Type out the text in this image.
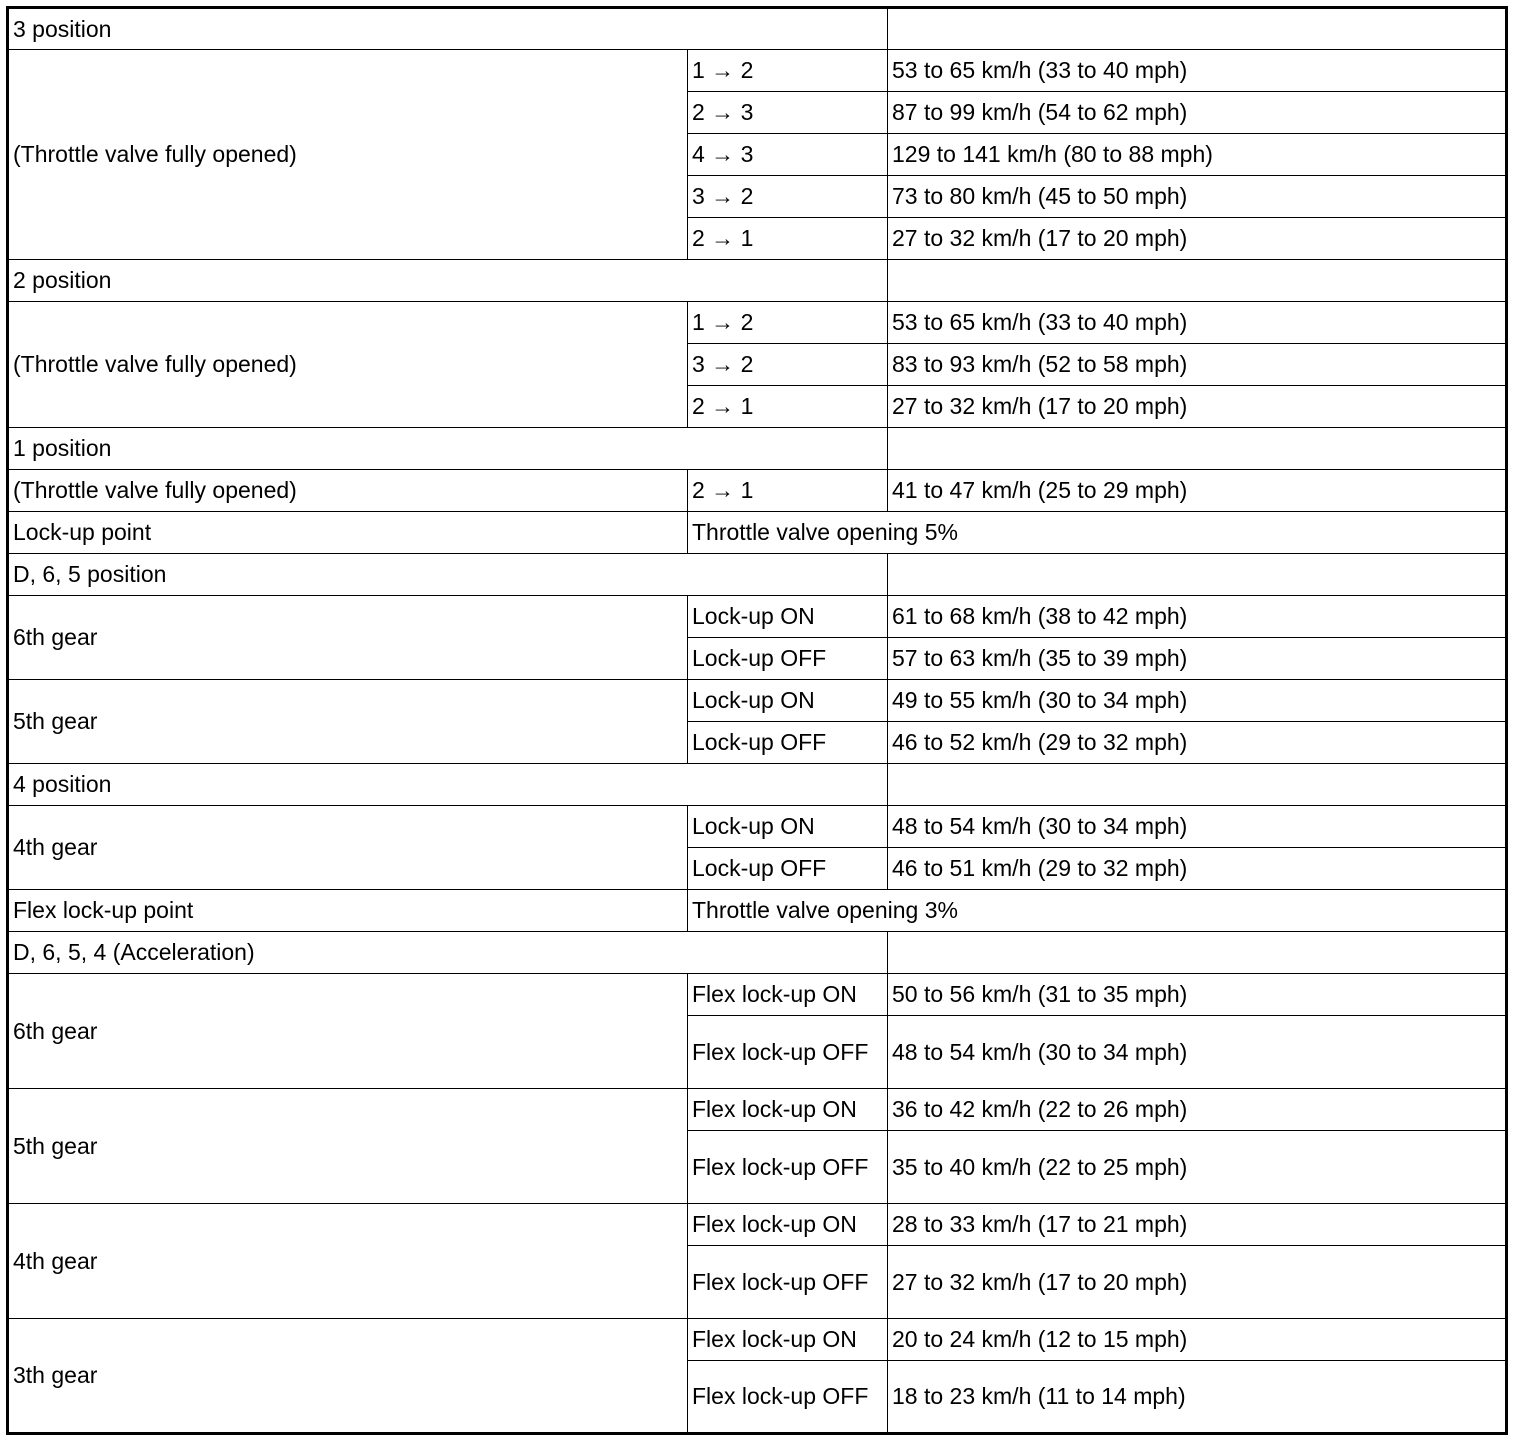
3 position		
(Throttle valve fully opened)	1 → 2	53 to 65 km/h (33 to 40 mph)
	2 → 3	87 to 99 km/h (54 to 62 mph)
	4 → 3	129 to 141 km/h (80 to 88 mph)
	3 → 2	73 to 80 km/h (45 to 50 mph)
	2 → 1	27 to 32 km/h (17 to 20 mph)
2 position		
(Throttle valve fully opened)	1 → 2	53 to 65 km/h (33 to 40 mph)
	3 → 2	83 to 93 km/h (52 to 58 mph)
	2 → 1	27 to 32 km/h (17 to 20 mph)
1 position		
(Throttle valve fully opened)	2 → 1	41 to 47 km/h (25 to 29 mph)
Lock-up point	Throttle valve opening 5%	
D, 6, 5 position		
6th gear	Lock-up ON	61 to 68 km/h (38 to 42 mph)
	Lock-up OFF	57 to 63 km/h (35 to 39 mph)
5th gear	Lock-up ON	49 to 55 km/h (30 to 34 mph)
	Lock-up OFF	46 to 52 km/h (29 to 32 mph)
4 position		
4th gear	Lock-up ON	48 to 54 km/h (30 to 34 mph)
	Lock-up OFF	46 to 51 km/h (29 to 32 mph)
Flex lock-up point	Throttle valve opening 3%	
D, 6, 5, 4 (Acceleration)		
6th gear	Flex lock-up ON	50 to 56 km/h (31 to 35 mph)
	Flex lock-up OFF	48 to 54 km/h (30 to 34 mph)
5th gear	Flex lock-up ON	36 to 42 km/h (22 to 26 mph)
	Flex lock-up OFF	35 to 40 km/h (22 to 25 mph)
4th gear	Flex lock-up ON	28 to 33 km/h (17 to 21 mph)
	Flex lock-up OFF	27 to 32 km/h (17 to 20 mph)
3th gear	Flex lock-up ON	20 to 24 km/h (12 to 15 mph)
	Flex lock-up OFF	18 to 23 km/h (11 to 14 mph)
